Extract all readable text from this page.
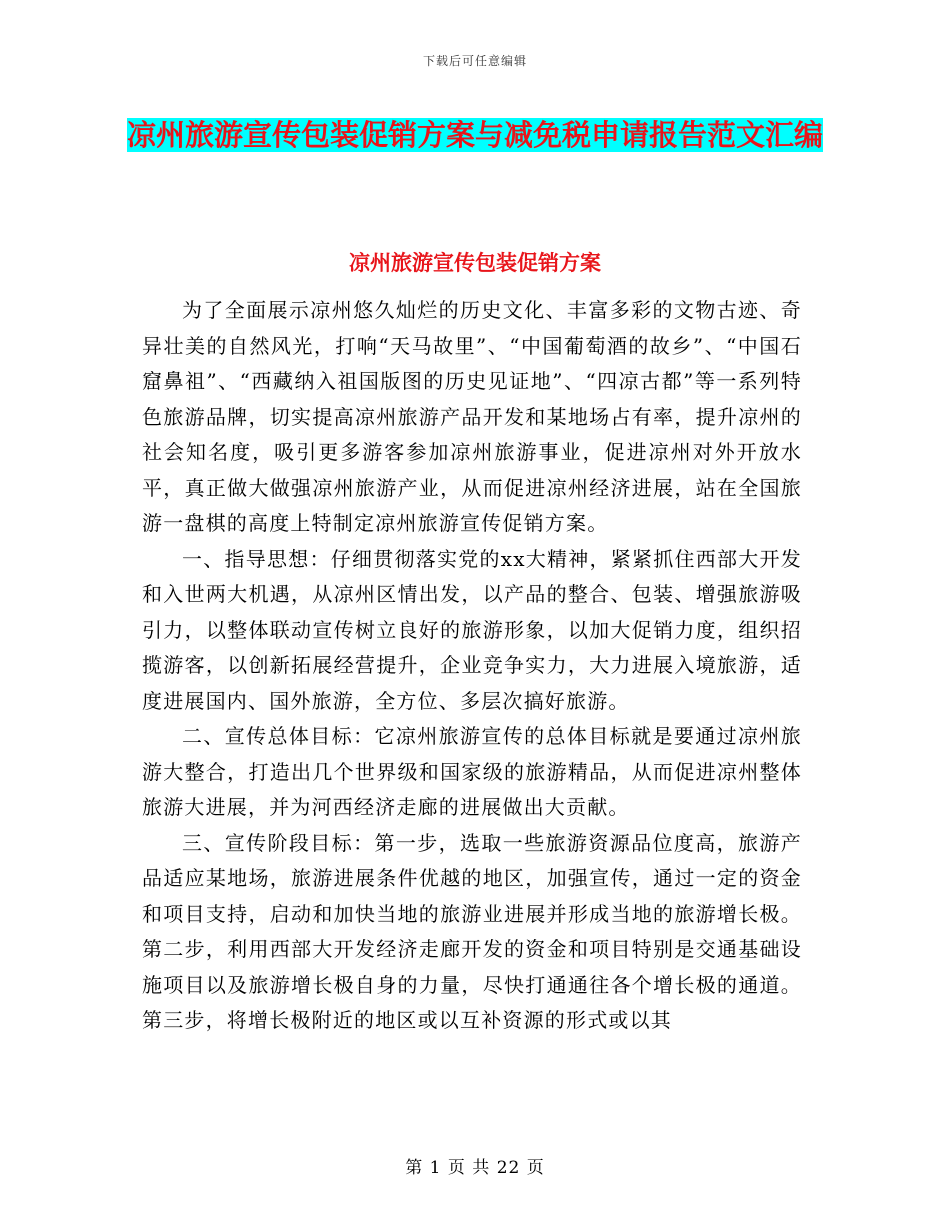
下载后可任意编辑
凉州旅游宣传包装促销方案与减免税申请报告范文汇编
凉州旅游宣传包装促销方案

为了全面展示凉州悠久灿烂的历史文化、丰富多彩的文物古迹、奇异壮美的自然风光，打响“天马故里”、“中国葡萄酒的故乡”、“中国石窟鼻祖”、“西藏纳入祖国版图的历史见证地”、“四凉古都”等一系列特色旅游品牌，切实提高凉州旅游产品开发和某地场占有率，提升凉州的社会知名度，吸引更多游客参加凉州旅游事业，促进凉州对外开放水平，真正做大做强凉州旅游产业，从而促进凉州经济进展，站在全国旅游一盘棋的高度上特制定凉州旅游宣传促销方案。

一、指导思想：仔细贯彻落实党的xx大精神，紧紧抓住西部大开发和入世两大机遇，从凉州区情出发，以产品的整合、包装、增强旅游吸引力，以整体联动宣传树立良好的旅游形象，以加大促销力度，组织招揽游客，以创新拓展经营提升，企业竞争实力，大力进展入境旅游，适度进展国内、国外旅游，全方位、多层次搞好旅游。

二、宣传总体目标：它凉州旅游宣传的总体目标就是要通过凉州旅游大整合，打造出几个世界级和国家级的旅游精品，从而促进凉州整体旅游大进展，并为河西经济走廊的进展做出大贡献。

三、宣传阶段目标：第一步，选取一些旅游资源品位度高，旅游产品适应某地场，旅游进展条件优越的地区，加强宣传，通过一定的资金和项目支持，启动和加快当地的旅游业进展并形成当地的旅游增长极。第二步，利用西部大开发经济走廊开发的资金和项目特别是交通基础设施项目以及旅游增长极自身的力量，尽快打通通往各个增长极的通道。第三步，将增长极附近的地区或以互补资源的形式或以其

第 1 页 共 22 页
